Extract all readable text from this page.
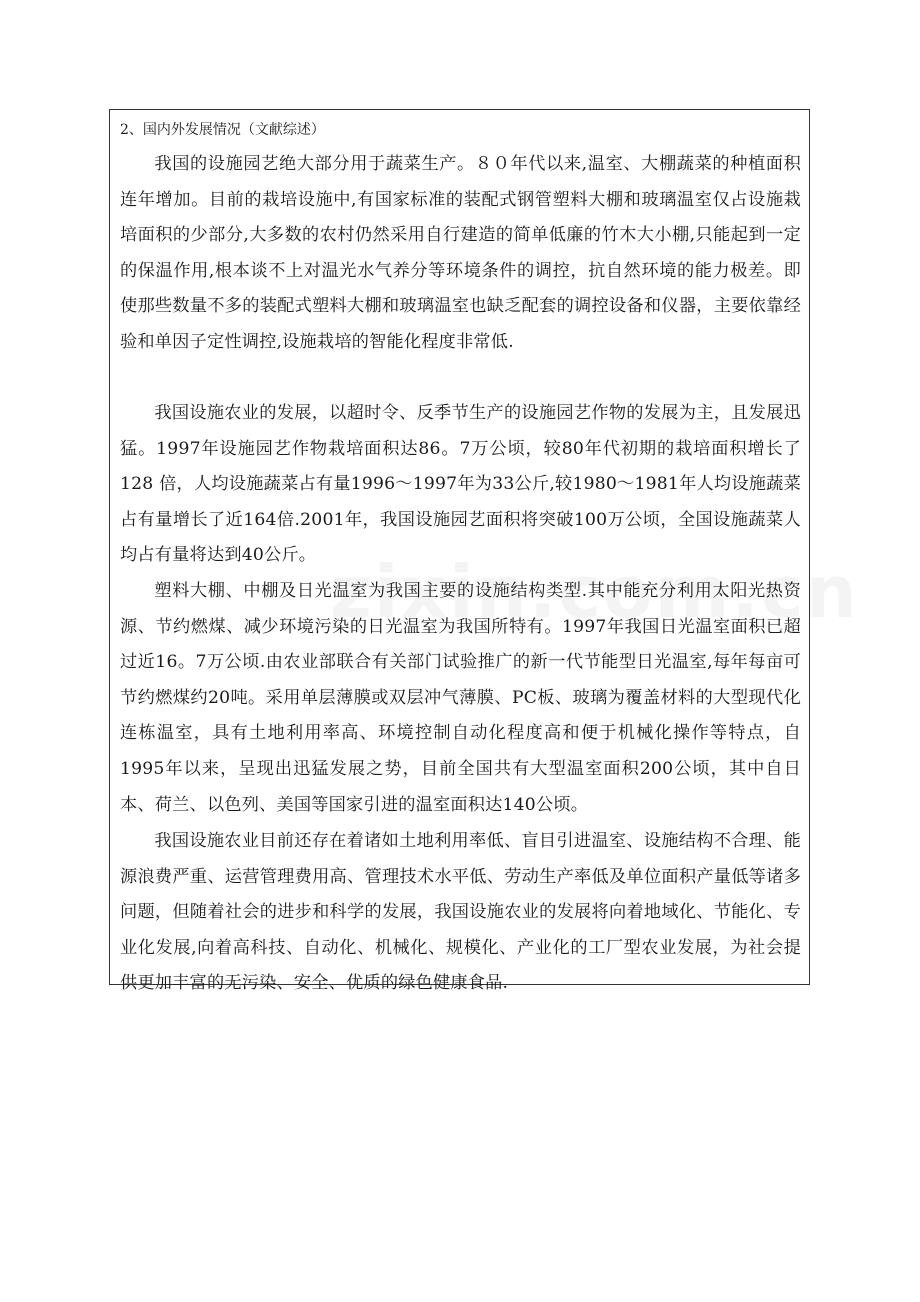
2、国内外发展情况（文献综述）

我国的设施园艺绝大部分用于蔬菜生产。８０年代以来,温室、大棚蔬菜的种植面积连年增加。目前的栽培设施中,有国家标准的装配式钢管塑料大棚和玻璃温室仅占设施栽培面积的少部分,大多数的农村仍然采用自行建造的简单低廉的竹木大小棚,只能起到一定的保温作用,根本谈不上对温光水气养分等环境条件的调控，抗自然环境的能力极差。即使那些数量不多的装配式塑料大棚和玻璃温室也缺乏配套的调控设备和仪器，主要依靠经验和单因子定性调控,设施栽培的智能化程度非常低.

我国设施农业的发展，以超时令、反季节生产的设施园艺作物的发展为主，且发展迅猛。1997年设施园艺作物栽培面积达86。7万公顷，较80年代初期的栽培面积增长了128 倍，人均设施蔬菜占有量1996～1997年为33公斤,较1980～1981年人均设施蔬菜占有量增长了近164倍.2001年，我国设施园艺面积将突破100万公顷，全国设施蔬菜人均占有量将达到40公斤。

塑料大棚、中棚及日光温室为我国主要的设施结构类型.其中能充分利用太阳光热资源、节约燃煤、减少环境污染的日光温室为我国所特有。1997年我国日光温室面积已超过近16。7万公顷.由农业部联合有关部门试验推广的新一代节能型日光温室,每年每亩可节约燃煤约20吨。采用单层薄膜或双层冲气薄膜、PC板、玻璃为覆盖材料的大型现代化连栋温室，具有土地利用率高、环境控制自动化程度高和便于机械化操作等特点，自1995年以来，呈现出迅猛发展之势，目前全国共有大型温室面积200公顷，其中自日本、荷兰、以色列、美国等国家引进的温室面积达140公顷。

我国设施农业目前还存在着诸如土地利用率低、盲目引进温室、设施结构不合理、能源浪费严重、运营管理费用高、管理技术水平低、劳动生产率低及单位面积产量低等诸多问题，但随着社会的进步和科学的发展，我国设施农业的发展将向着地域化、节能化、专业化发展,向着高科技、自动化、机械化、规模化、产业化的工厂型农业发展，为社会提供更加丰富的无污染、安全、优质的绿色健康食品.
